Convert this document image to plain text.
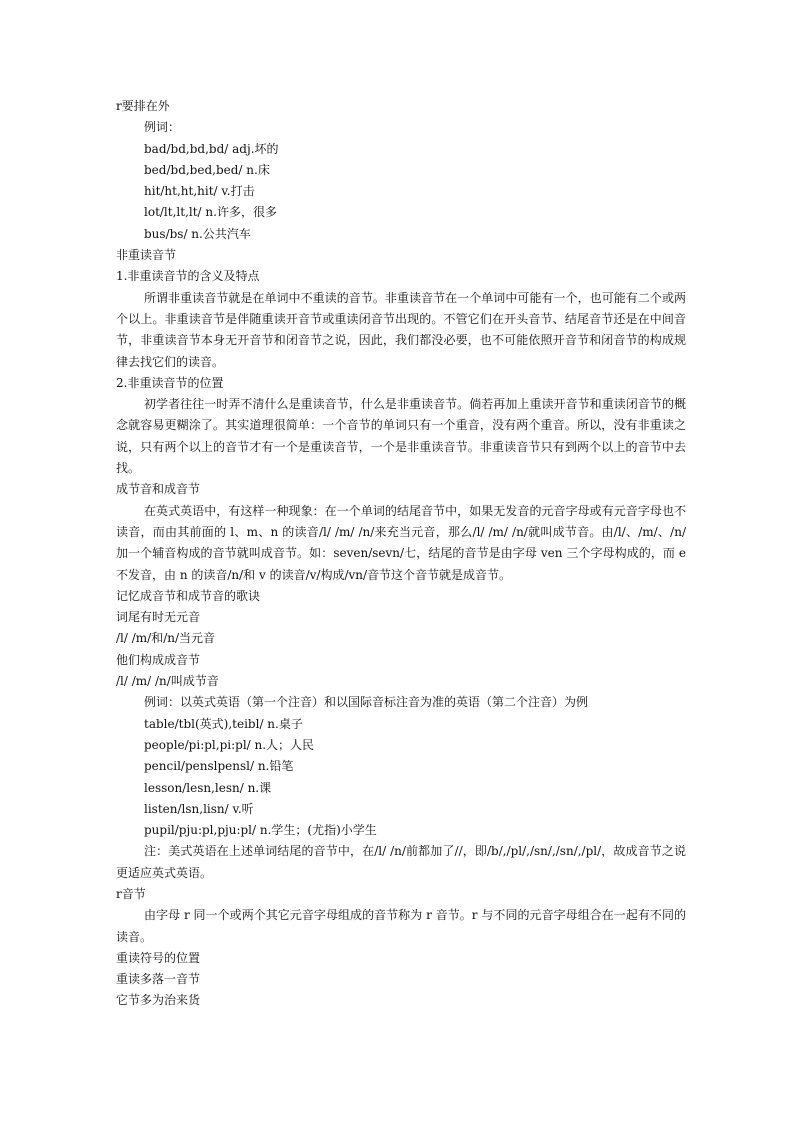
r要排在外
例词：
bad/bd,bd,bd/ adj.坏的
bed/bd,bed,bed/ n.床
hit/ht,ht,hit/ v.打击
lot/lt,lt,lt/ n.许多，很多
bus/bs/ n.公共汽车
非重读音节
1.非重读音节的含义及特点
所谓非重读音节就是在单词中不重读的音节。非重读音节在一个单词中可能有一个，也可能有二个或两个以上。非重读音节是伴随重读开音节或重读闭音节出现的。不管它们在开头音节、结尾音节还是在中间音节，非重读音节本身无开音节和闭音节之说，因此，我们都没必要，也不可能依照开音节和闭音节的构成规律去找它们的读音。
2.非重读音节的位置
初学者往往一时弄不清什么是重读音节，什么是非重读音节。倘若再加上重读开音节和重读闭音节的概念就容易更糊涂了。其实道理很简单：一个音节的单词只有一个重音，没有两个重音。所以，没有非重读之说，只有两个以上的音节才有一个是重读音节，一个是非重读音节。非重读音节只有到两个以上的音节中去找。
成节音和成音节
在英式英语中，有这样一种现象：在一个单词的结尾音节中，如果无发音的元音字母或有元音字母也不读音，而由其前面的 l、m、n 的读音/l/ /m/ /n/来充当元音，那么/l/ /m/ /n/就叫成节音。由/l/、/m/、/n/加一个辅音构成的音节就叫成音节。如：seven/sevn/七，结尾的音节是由字母 ven 三个字母构成的，而 e 不发音，由 n 的读音/n/和 v 的读音/v/构成/vn/音节这个音节就是成音节。
记忆成音节和成节音的歌诀
词尾有时无元音
/l/ /m/和/n/当元音
他们构成成音节
/l/ /m/ /n/叫成节音
例词：以英式英语（第一个注音）和以国际音标注音为准的英语（第二个注音）为例
table/tbl(英式),teibl/ n.桌子
people/pi:pl,pi:pl/ n.人；人民
pencil/penslpensl/ n.铅笔
lesson/lesn,lesn/ n.课
listen/lsn,lisn/ v.听
pupil/pju:pl,pju:pl/ n.学生；(尤指)小学生
注：美式英语在上述单词结尾的音节中，在/l/ /n/前都加了//，即/b/,/pl/,/sn/,/sn/,/pl/，故成音节之说更适应英式英语。
r音节
由字母 r 同一个或两个其它元音字母组成的音节称为 r 音节。r 与不同的元音字母组合在一起有不同的读音。
重读符号的位置
重读多落一音节
它节多为治来货
